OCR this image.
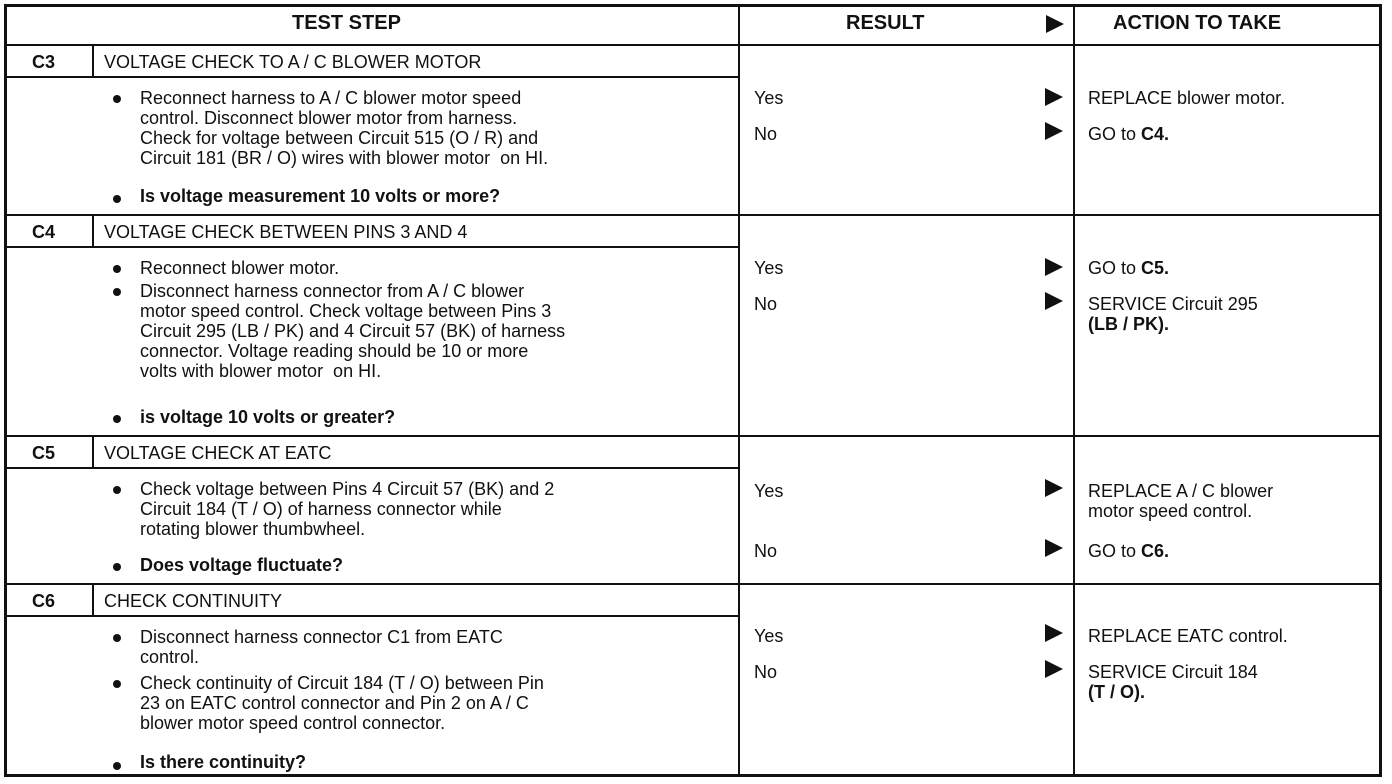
TEST STEP	RESULT	ACTION TO TAKE
C3	VOLTAGE CHECK TO A / C BLOWER MOTOR
Reconnect harness to A / C blower motor speed
control. Disconnect blower motor from harness.
Check for voltage between Circuit 515 (O / R) and
Circuit 181 (BR / O) wires with blower motor  on HI.
Is voltage measurement 10 volts or more?
Yes	REPLACE blower motor.
No	GO to C4.
C4	VOLTAGE CHECK BETWEEN PINS 3 AND 4
Reconnect blower motor.
Disconnect harness connector from A / C blower
motor speed control. Check voltage between Pins 3
Circuit 295 (LB / PK) and 4 Circuit 57 (BK) of harness
connector. Voltage reading should be 10 or more
volts with blower motor  on HI.
is voltage 10 volts or greater?
Yes	GO to C5.
No	SERVICE Circuit 295
(LB / PK).
C5	VOLTAGE CHECK AT EATC
Check voltage between Pins 4 Circuit 57 (BK) and 2
Circuit 184 (T / O) of harness connector while
rotating blower thumbwheel.
Does voltage fluctuate?
Yes	REPLACE A / C blower
motor speed control.
No	GO to C6.
C6	CHECK CONTINUITY
Disconnect harness connector C1 from EATC
control.
Check continuity of Circuit 184 (T / O) between Pin
23 on EATC control connector and Pin 2 on A / C
blower motor speed control connector.
Is there continuity?
Yes	REPLACE EATC control.
No	SERVICE Circuit 184
(T / O).
